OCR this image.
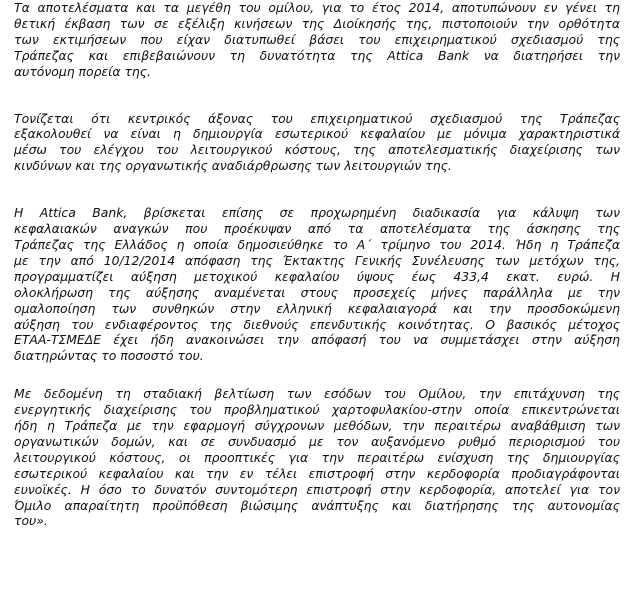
Τα αποτελέσματα και τα μεγέθη του ομίλου, για το έτος 2014, αποτυπώνουν εν γένει τη
θετική έκβαση των σε εξέλιξη κινήσεων της Διοίκησής της, πιστοποιούν την ορθότητα
των εκτιμήσεων που είχαν διατυπωθεί βάσει του επιχειρηματικού σχεδιασμού της
Τράπεζας και επιβεβαιώνουν τη δυνατότητα της Attica Bank να διατηρήσει την
αυτόνομη πορεία της.
Τονίζεται ότι κεντρικός άξονας του επιχειρηματικού σχεδιασμού της Τράπεζας
εξακολουθεί να είναι η δημιουργία εσωτερικού κεφαλαίου με μόνιμα χαρακτηριστικά
μέσω του ελέγχου του λειτουργικού κόστους, της αποτελεσματικής διαχείρισης των
κινδύνων και της οργανωτικής αναδιάρθρωσης των λειτουργιών της.
Η Attica Bank, βρίσκεται επίσης σε προχωρημένη διαδικασία για κάλυψη των
κεφαλαιακών αναγκών που προέκυψαν από τα αποτελέσματα της άσκησης της
Τράπεζας της Ελλάδος η οποία δημοσιεύθηκε το Α΄ τρίμηνο του 2014. Ήδη η Τράπεζα
με την από 10/12/2014 απόφαση της Έκτακτης Γενικής Συνέλευσης των μετόχων της,
προγραμματίζει αύξηση μετοχικού κεφαλαίου ύψους έως 433,4 εκατ. ευρώ. Η
ολοκλήρωση της αύξησης αναμένεται στους προσεχείς μήνες παράλληλα με την
ομαλοποίηση των συνθηκών στην ελληνική κεφαλαιαγορά και την προσδοκώμενη
αύξηση του ενδιαφέροντος της διεθνούς επενδυτικής κοινότητας. Ο βασικός μέτοχος
ΕΤΑΑ-ΤΣΜΕΔΕ έχει ήδη ανακοινώσει την απόφασή του να συμμετάσχει στην αύξηση
διατηρώντας το ποσοστό του.
Με δεδομένη τη σταδιακή βελτίωση των εσόδων του Ομίλου, την επιτάχυνση της
ενεργητικής διαχείρισης του προβληματικού χαρτοφυλακίου-στην οποία επικεντρώνεται
ήδη η Τράπεζα με την εφαρμογή σύγχρονων μεθόδων, την περαιτέρω αναβάθμιση των
οργανωτικών δομών, και σε συνδυασμό με τον αυξανόμενο ρυθμό περιορισμού του
λειτουργικού κόστους, οι προοπτικές για την περαιτέρω ενίσχυση της δημιουργίας
εσωτερικού κεφαλαίου και την εν τέλει επιστροφή στην κερδοφορία προδιαγράφονται
ευνοϊκές. Η όσο το δυνατόν συντομότερη επιστροφή στην κερδοφορία, αποτελεί για τον
Όμιλο απαραίτητη προϋπόθεση βιώσιμης ανάπτυξης και διατήρησης της αυτονομίας
του».
